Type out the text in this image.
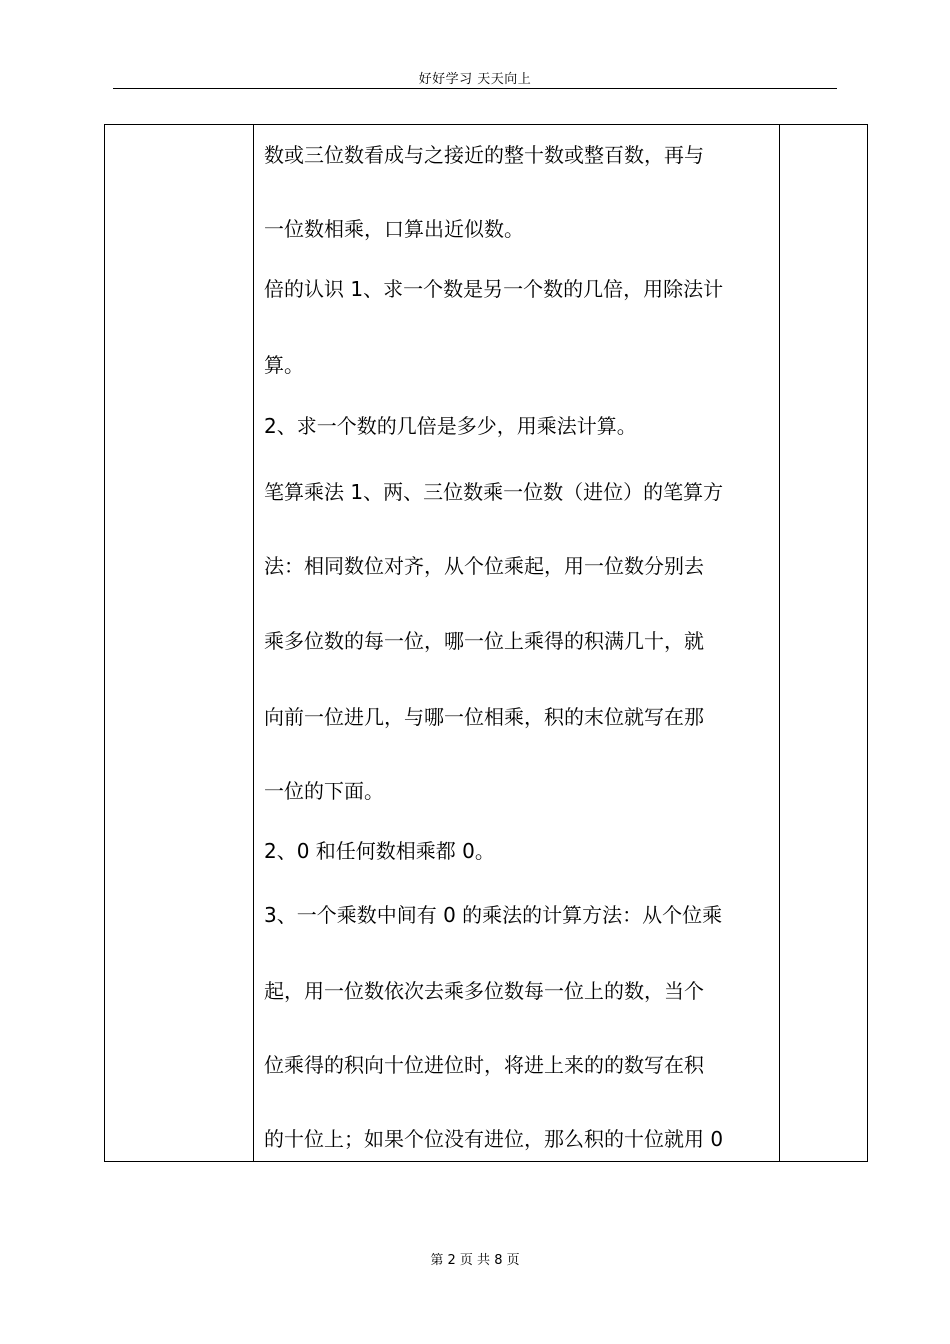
好好学习 天天向上
数或三位数看成与之接近的整十数或整百数，再与
一位数相乘，口算出近似数。
倍的认识 1、求一个数是另一个数的几倍，用除法计
算。
2、求一个数的几倍是多少，用乘法计算。
笔算乘法 1、两、三位数乘一位数（进位）的笔算方
法：相同数位对齐，从个位乘起，用一位数分别去
乘多位数的每一位，哪一位上乘得的积满几十，就
向前一位进几，与哪一位相乘，积的末位就写在那
一位的下面。
2、0 和任何数相乘都 0。
3、一个乘数中间有 0 的乘法的计算方法：从个位乘
起，用一位数依次去乘多位数每一位上的数，当个
位乘得的积向十位进位时，将进上来的的数写在积
的十位上；如果个位没有进位，那么积的十位就用 0
第 2 页 共 8 页
